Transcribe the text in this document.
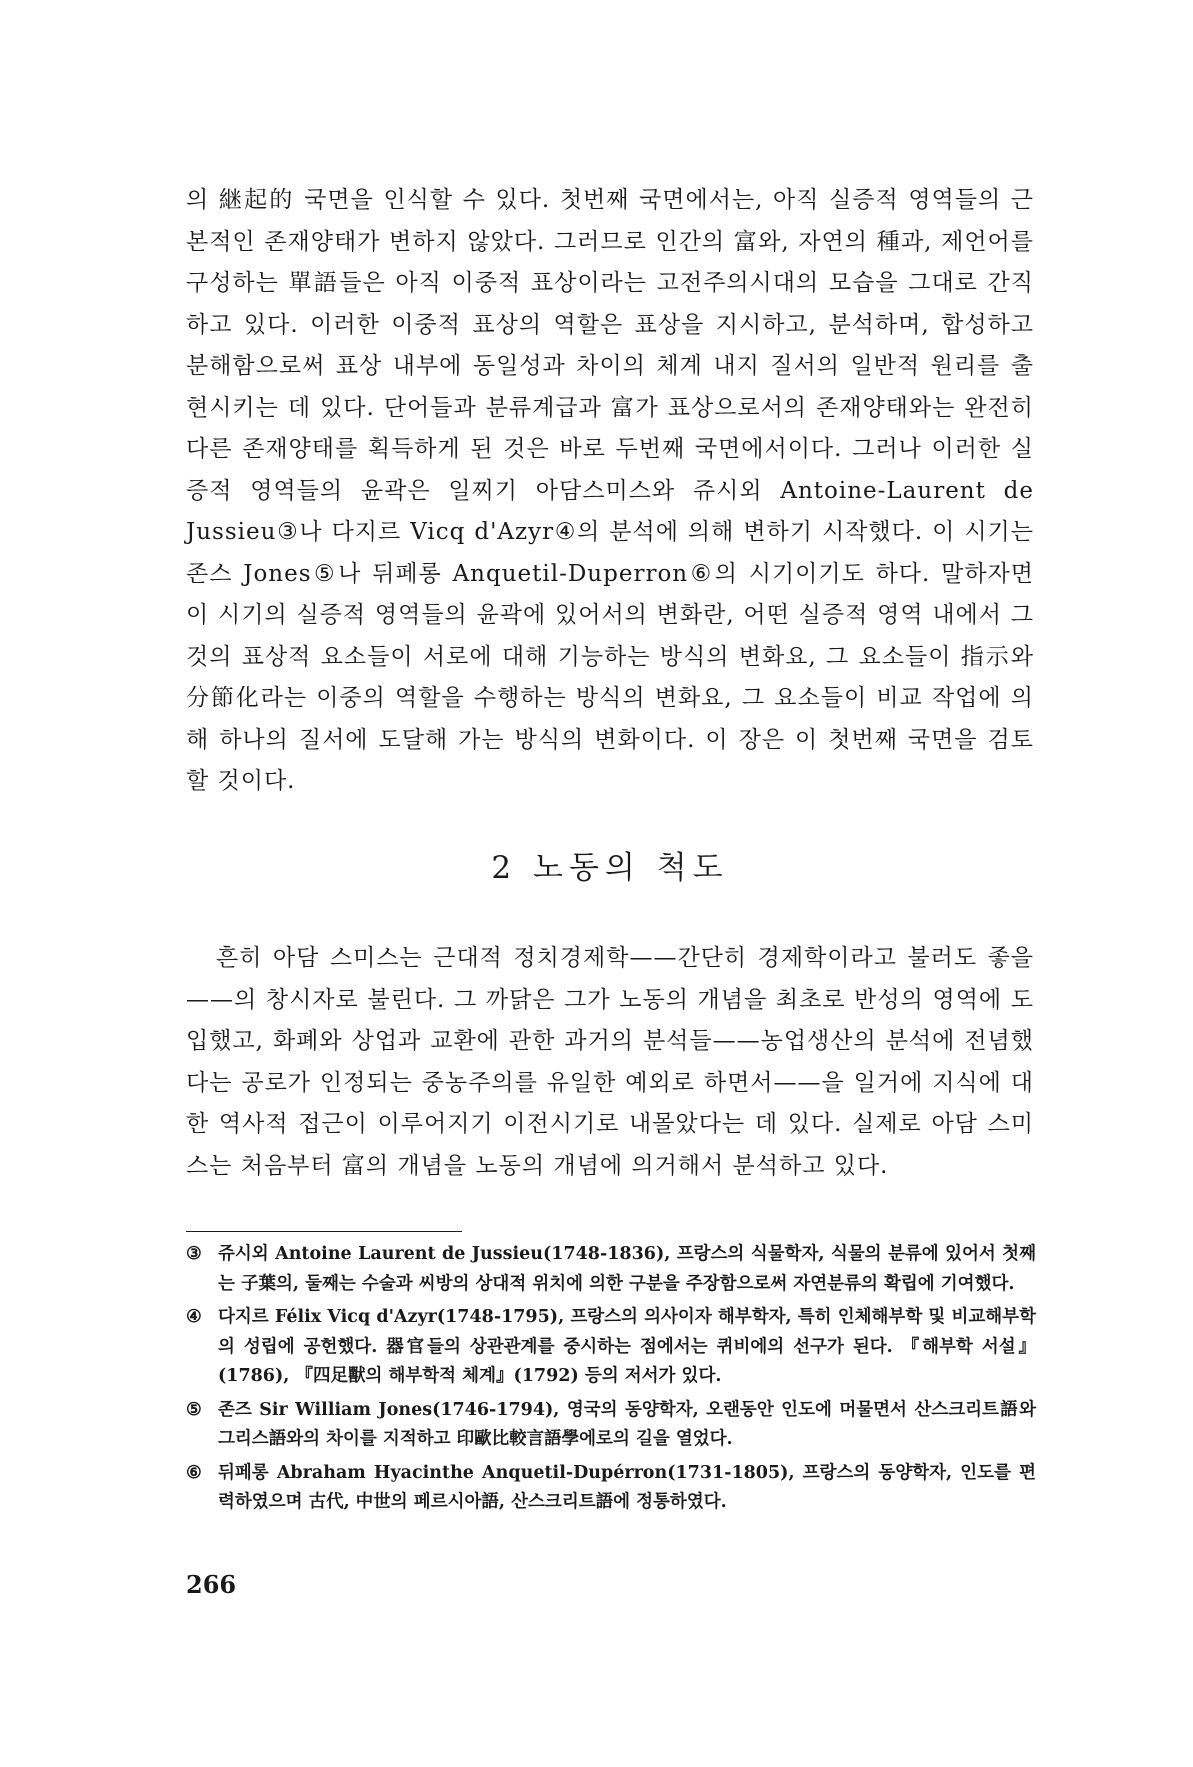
의 継起的 국면을 인식할 수 있다. 첫번째 국면에서는, 아직 실증적 영역들의 근본적인 존재양태가 변하지 않았다. 그러므로 인간의 富와, 자연의 種과, 제언어를 구성하는 單語들은 아직 이중적 표상이라는 고전주의시대의 모습을 그대로 간직하고 있다. 이러한 이중적 표상의 역할은 표상을 지시하고, 분석하며, 합성하고 분해함으로써 표상 내부에 동일성과 차이의 체계 내지 질서의 일반적 원리를 출현시키는 데 있다. 단어들과 분류계급과 富가 표상으로서의 존재양태와는 완전히 다른 존재양태를 획득하게 된 것은 바로 두번째 국면에서이다. 그러나 이러한 실증적 영역들의 윤곽은 일찌기 아담스미스와 쥬시외 Antoine-Laurent de Jussieu③나 다지르 Vicq d'Azyr④의 분석에 의해 변하기 시작했다. 이 시기는 존스 Jones⑤나 뒤페롱 Anquetil-Duperron⑥의 시기이기도 하다. 말하자면 이 시기의 실증적 영역들의 윤곽에 있어서의 변화란, 어떤 실증적 영역 내에서 그것의 표상적 요소들이 서로에 대해 기능하는 방식의 변화요, 그 요소들이 指示와 分節化라는 이중의 역할을 수행하는 방식의 변화요, 그 요소들이 비교 작업에 의해 하나의 질서에 도달해 가는 방식의 변화이다. 이 장은 이 첫번째 국면을 검토할 것이다.

2 노동의 척도

흔히 아담 스미스는 근대적 정치경제학——간단히 경제학이라고 불러도 좋을——의 창시자로 불린다. 그 까닭은 그가 노동의 개념을 최초로 반성의 영역에 도입했고, 화폐와 상업과 교환에 관한 과거의 분석들——농업생산의 분석에 전념했다는 공로가 인정되는 중농주의를 유일한 예외로 하면서——을 일거에 지식에 대한 역사적 접근이 이루어지기 이전시기로 내몰았다는 데 있다. 실제로 아담 스미스는 처음부터 富의 개념을 노동의 개념에 의거해서 분석하고 있다.

③ 쥬시외 Antoine Laurent de Jussieu(1748-1836), 프랑스의 식물학자, 식물의 분류에 있어서 첫째는 子葉의, 둘째는 수술과 씨방의 상대적 위치에 의한 구분을 주장함으로써 자연분류의 확립에 기여했다.
④ 다지르 Félix Vicq d'Azyr(1748-1795), 프랑스의 의사이자 해부학자, 특히 인체해부학 및 비교해부학의 성립에 공헌했다. 器官들의 상관관계를 중시하는 점에서는 퀴비에의 선구가 된다. 『해부학 서설』(1786), 『四足獸의 해부학적 체계』(1792) 등의 저서가 있다.
⑤ 존즈 Sir William Jones(1746-1794), 영국의 동양학자, 오랜동안 인도에 머물면서 산스크리트語와 그리스語와의 차이를 지적하고 印歐比較言語學에로의 길을 열었다.
⑥ 뒤페롱 Abraham Hyacinthe Anquetil-Dupérron(1731-1805), 프랑스의 동양학자, 인도를 편력하였으며 古代, 中世의 페르시아語, 산스크리트語에 정통하였다.
266
